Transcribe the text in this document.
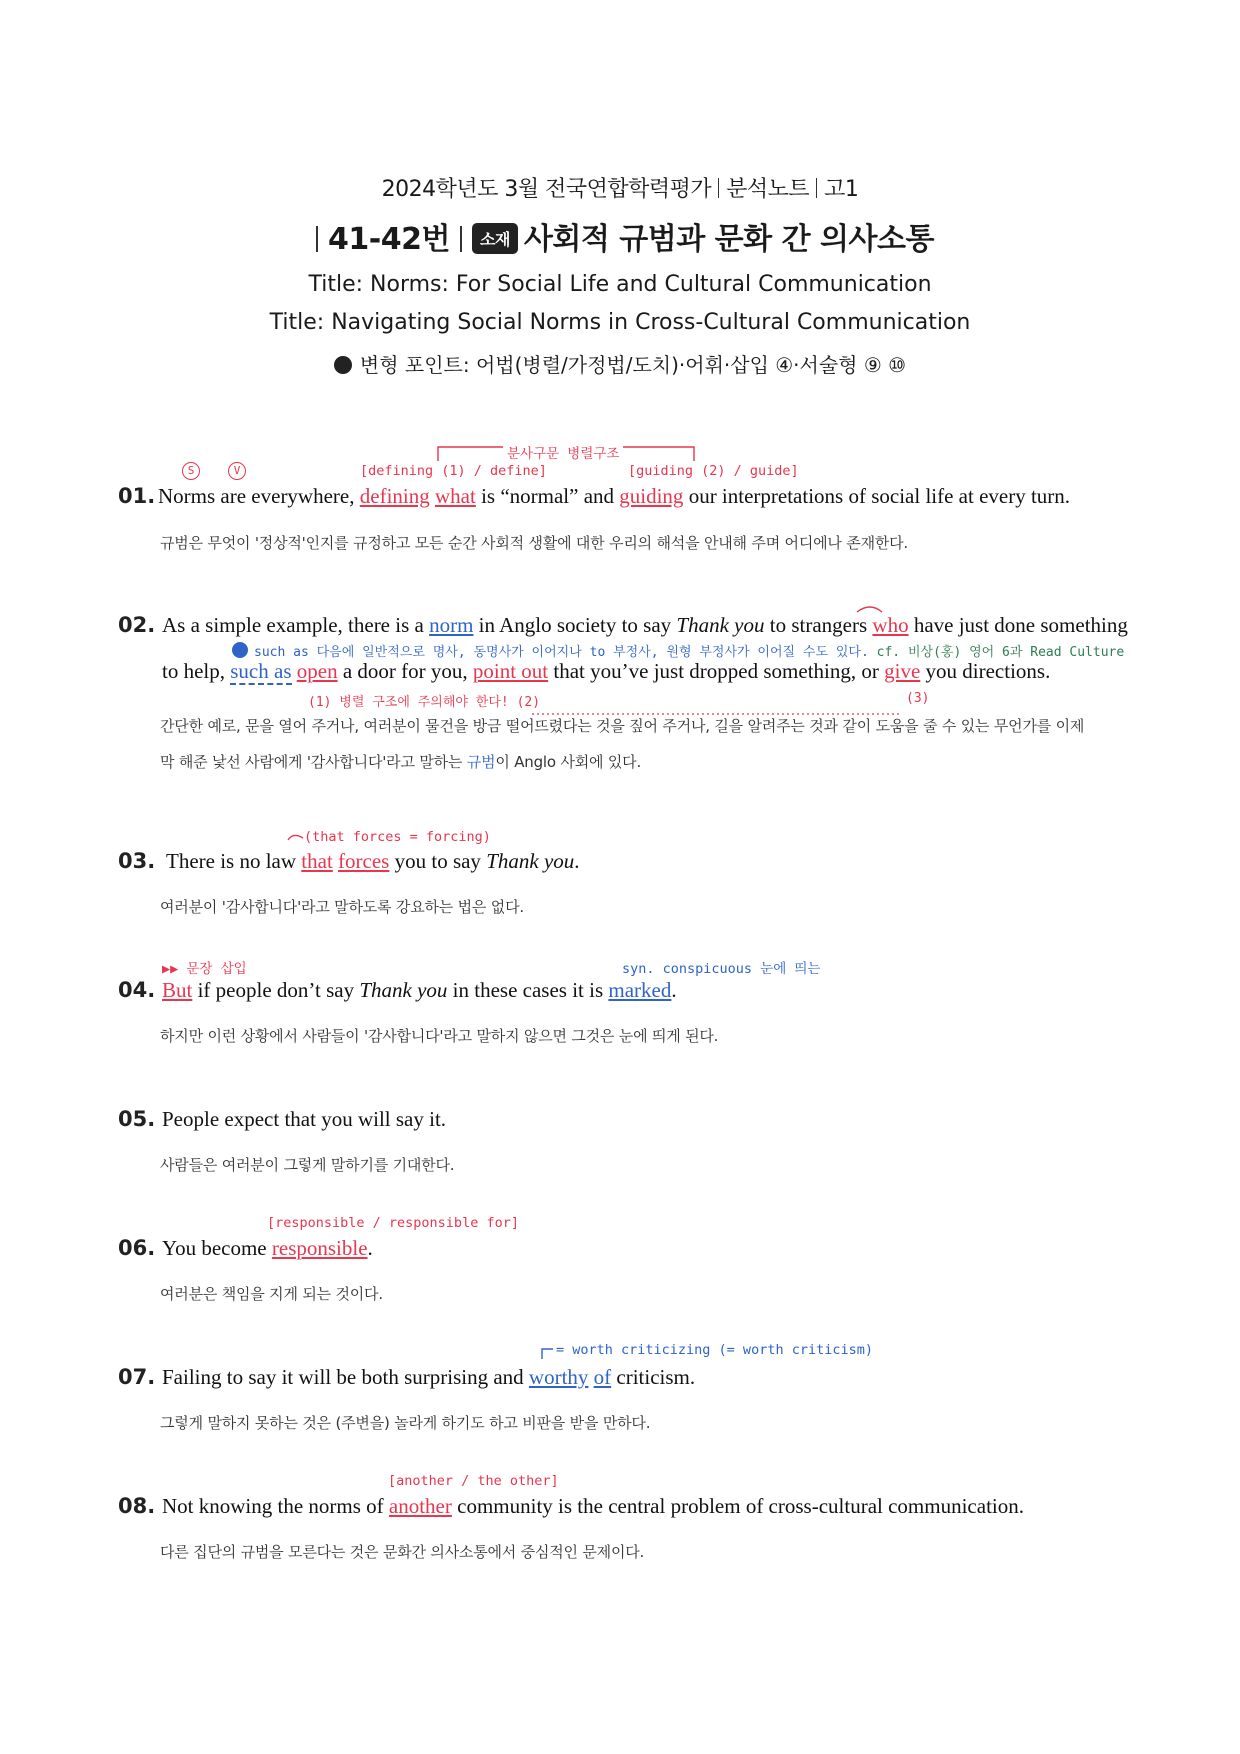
2024학년도 3월 전국연합학력평가 분석노트 고1
41-42번 소재 사회적 규범과 문화 간 의사소통
Title: Norms: For Social Life and Cultural Communication
Title: Navigating Social Norms in Cross-Cultural Communication
변형 포인트: 어법(병렬/가정법/도치)·어휘·삽입 ④·서술형 ⑨ ⑩
분사구문 병렬구조
S	V	[defining (1) / define]	[guiding (2) / guide]
01. Norms are everywhere, defining what is “normal” and guiding our interpretations of social life at every turn.
규범은 무엇이 '정상적'인지를 규정하고 모든 순간 사회적 생활에 대한 우리의 해석을 안내해 주며 어디에나 존재한다.
02. As a simple example, there is a norm in Anglo society to say Thank you to strangers who have just done something
such as 다음에 일반적으로 명사, 동명사가 이어지나 to 부정사, 원형 부정사가 이어질 수도 있다. cf. 비상(홍) 영어 6과 Read Culture
to help, such as open a door for you, point out that you’ve just dropped something, or give you directions.
(1) 병렬 구조에 주의해야 한다! (2)	(3)
간단한 예로, 문을 열어 주거나, 여러분이 물건을 방금 떨어뜨렸다는 것을 짚어 주거나, 길을 알려주는 것과 같이 도움을 줄 수 있는 무언가를 이제
막 해준 낯선 사람에게 '감사합니다'라고 말하는 규범이 Anglo 사회에 있다.
(that forces = forcing)
03. There is no law that forces you to say Thank you.
여러분이 '감사합니다'라고 말하도록 강요하는 법은 없다.
▶▶ 문장 삽입	syn. conspicuous 눈에 띄는
04. But if people don’t say Thank you in these cases it is marked.
하지만 이런 상황에서 사람들이 '감사합니다'라고 말하지 않으면 그것은 눈에 띄게 된다.
05. People expect that you will say it.
사람들은 여러분이 그렇게 말하기를 기대한다.
[responsible / responsible for]
06. You become responsible.
여러분은 책임을 지게 되는 것이다.
= worth criticizing (= worth criticism)
07. Failing to say it will be both surprising and worthy of criticism.
그렇게 말하지 못하는 것은 (주변을) 놀라게 하기도 하고 비판을 받을 만하다.
[another / the other]
08. Not knowing the norms of another community is the central problem of cross-cultural communication.
다른 집단의 규범을 모른다는 것은 문화간 의사소통에서 중심적인 문제이다.
